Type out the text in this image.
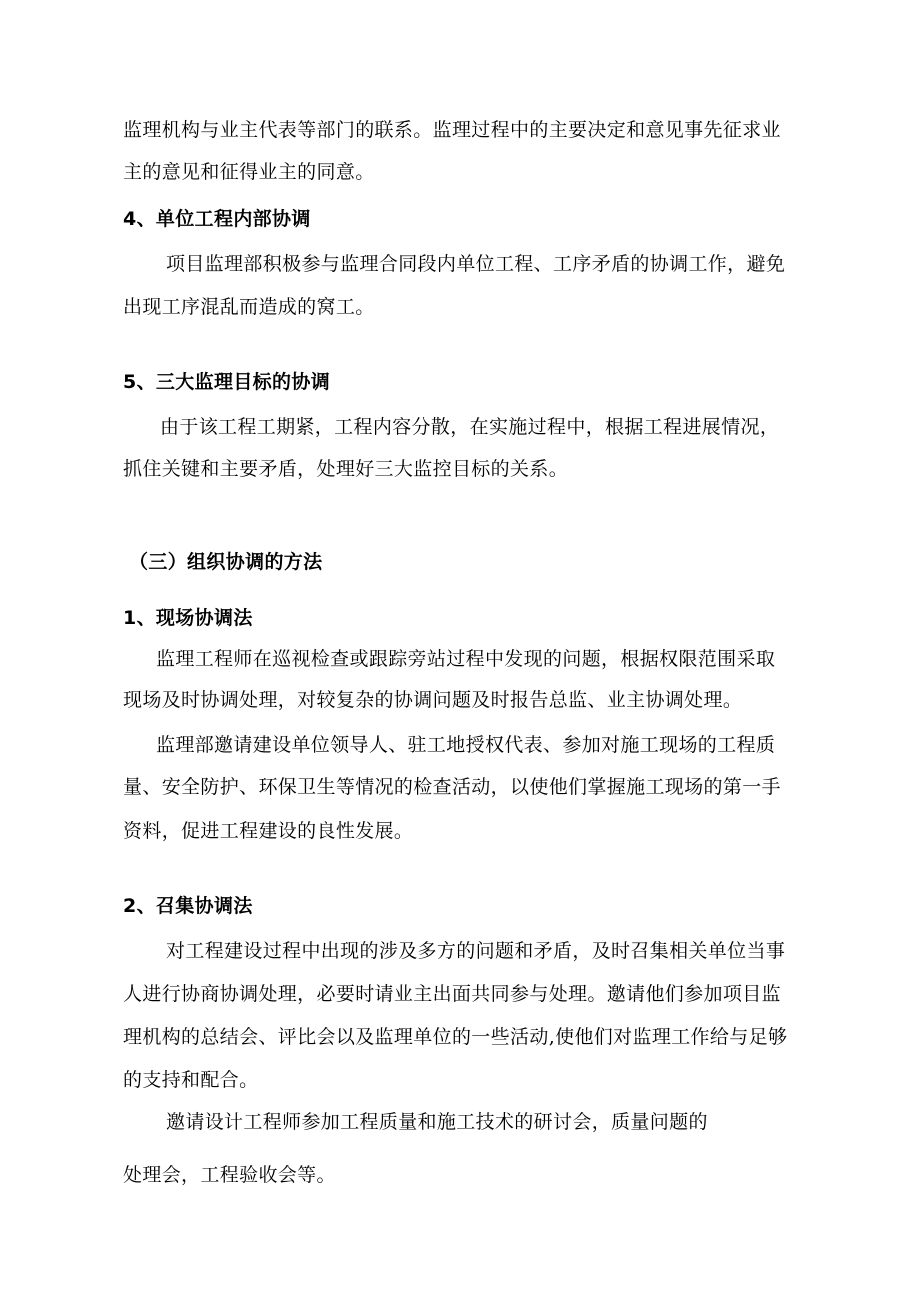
监理机构与业主代表等部门的联系。监理过程中的主要决定和意见事先征求业
主的意见和征得业主的同意。
4、单位工程内部协调
项目监理部积极参与监理合同段内单位工程、工序矛盾的协调工作，避免
出现工序混乱而造成的窝工。
5、三大监理目标的协调
由于该工程工期紧，工程内容分散，在实施过程中，根据工程进展情况，
抓住关键和主要矛盾，处理好三大监控目标的关系。
（三）组织协调的方法
1、现场协调法
监理工程师在巡视检查或跟踪旁站过程中发现的问题，根据权限范围采取
现场及时协调处理，对较复杂的协调问题及时报告总监、业主协调处理。
监理部邀请建设单位领导人、驻工地授权代表、参加对施工现场的工程质
量、安全防护、环保卫生等情况的检查活动，以使他们掌握施工现场的第一手
资料，促进工程建设的良性发展。
2、召集协调法
对工程建设过程中出现的涉及多方的问题和矛盾，及时召集相关单位当事
人进行协商协调处理，必要时请业主出面共同参与处理。邀请他们参加项目监
理机构的总结会、评比会以及监理单位的一些活动,使他们对监理工作给与足够
的支持和配合。
邀请设计工程师参加工程质量和施工技术的研讨会，质量问题的
处理会，工程验收会等。
